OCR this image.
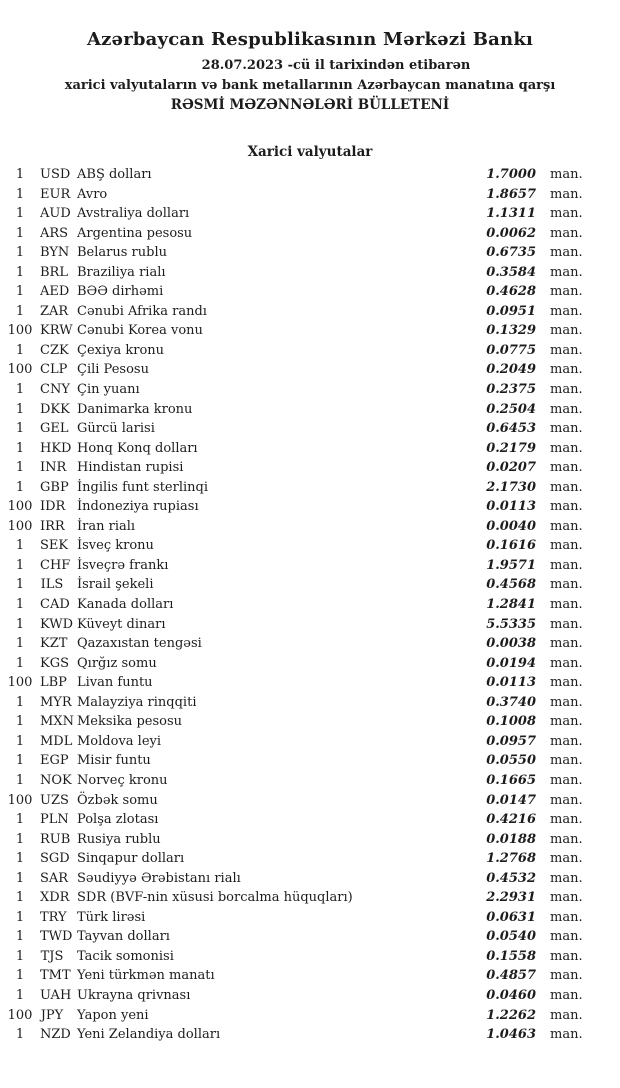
Azərbaycan Respublikasının Mərkəzi Bankı
28.07.2023 -cü il tarixindən etibarən
xarici valyutaların və bank metallarının Azərbaycan manatına qarşı
RƏSMİ MƏZƏNNƏLƏRİ BÜLLETENİ
Xarici valyutalar
1	USD ABŞ dolları	1.7000	man.
1	EUR Avro	1.8657	man.
1	AUD Avstraliya dolları	1.1311	man.
1	ARS Argentina pesosu	0.0062	man.
1	BYN Belarus rublu	0.6735	man.
1	BRL Braziliya rialı	0.3584	man.
1	AED BƏƏ dirhəmi	0.4628	man.
1	ZAR Cənubi Afrika randı	0.0951	man.
100 KRW Cənubi Korea vonu	0.1329	man.
1	CZK Çexiya kronu	0.0775	man.
100 CLP Çili Pesosu	0.2049	man.
1	CNY Çin yuanı	0.2375	man.
1	DKK Danimarka kronu	0.2504	man.
1	GEL Gürcü larisi	0.6453	man.
1	HKD Honq Konq dolları	0.2179	man.
1	INR Hindistan rupisi	0.0207	man.
1	GBP İngilis funt sterlinqi	2.1730	man.
100 IDR İndoneziya rupiası	0.0113	man.
100 IRR İran rialı	0.0040	man.
1	SEK İsveç kronu	0.1616	man.
1	CHF İsveçrə frankı	1.9571	man.
1	ILS	İsrail şekeli	0.4568	man.
1	CAD Kanada dolları	1.2841	man.
1	KWD Küveyt dinarı	5.5335	man.
1	KZT Qazaxıstan tengəsi	0.0038	man.
1	KGS Qırğız somu	0.0194	man.
100 LBP Livan funtu	0.0113	man.
1	MYR Malayziya rinqqiti	0.3740	man.
1	MXN Meksika pesosu	0.1008	man.
1	MDL Moldova leyi	0.0957	man.
1	EGP Misir funtu	0.0550	man.
1	NOK Norveç kronu	0.1665	man.
100 UZS Özbək somu	0.0147	man.
1	PLN Polşa zlotası	0.4216	man.
1	RUB Rusiya rublu	0.0188	man.
1	SGD Sinqapur dolları	1.2768	man.
1	SAR Səudiyyə Ərəbistanı rialı	0.4532	man.
1	XDR SDR (BVF-nin xüsusi borcalma hüquqları)	2.2931	man.
1	TRY Türk lirəsi	0.0631	man.
1	TWD Tayvan dolları	0.0540	man.
1	TJS	Tacik somonisi	0.1558	man.
1	TMT Yeni türkmən manatı	0.4857	man.
1	UAH Ukrayna qrivnası	0.0460	man.
100 JPY	Yapon yeni	1.2262	man.
1	NZD Yeni Zelandiya dolları	1.0463	man.
